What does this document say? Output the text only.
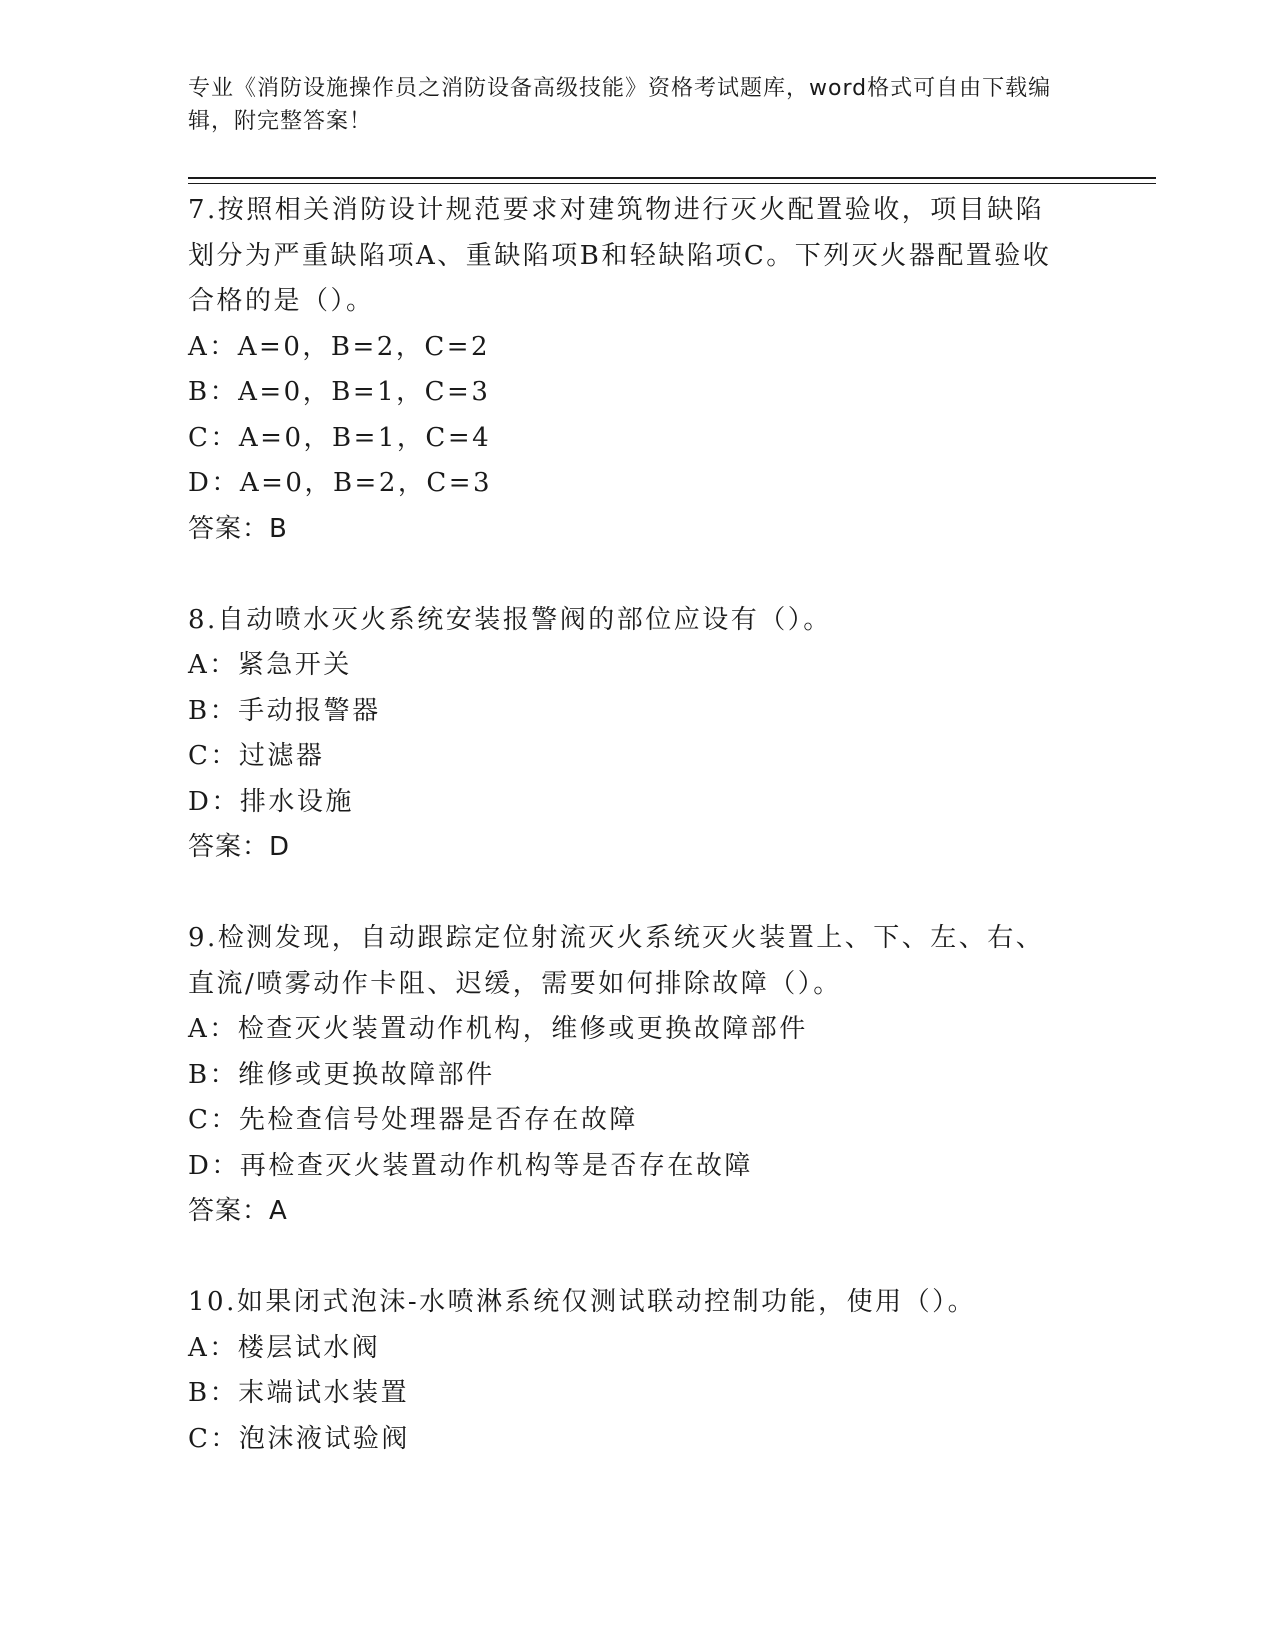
专业《消防设施操作员之消防设备高级技能》资格考试题库，word格式可自由下载编辑，附完整答案！

7.按照相关消防设计规范要求对建筑物进行灭火配置验收，项目缺陷划分为严重缺陷项A、重缺陷项B和轻缺陷项C。下列灭火器配置验收合格的是（）。

A：A=0，B=2，C=2

B：A=0，B=1，C=3

C：A=0，B=1，C=4

D：A=0，B=2，C=3

答案：B

8.自动喷水灭火系统安装报警阀的部位应设有（）。

A：紧急开关

B：手动报警器

C：过滤器

D：排水设施

答案：D

9.检测发现，自动跟踪定位射流灭火系统灭火装置上、下、左、右、直流/喷雾动作卡阻、迟缓，需要如何排除故障（）。

A：检查灭火装置动作机构，维修或更换故障部件

B：维修或更换故障部件

C：先检查信号处理器是否存在故障

D：再检查灭火装置动作机构等是否存在故障

答案：A

10.如果闭式泡沫-水喷淋系统仅测试联动控制功能，使用（）。

A：楼层试水阀

B：末端试水装置

C：泡沫液试验阀
